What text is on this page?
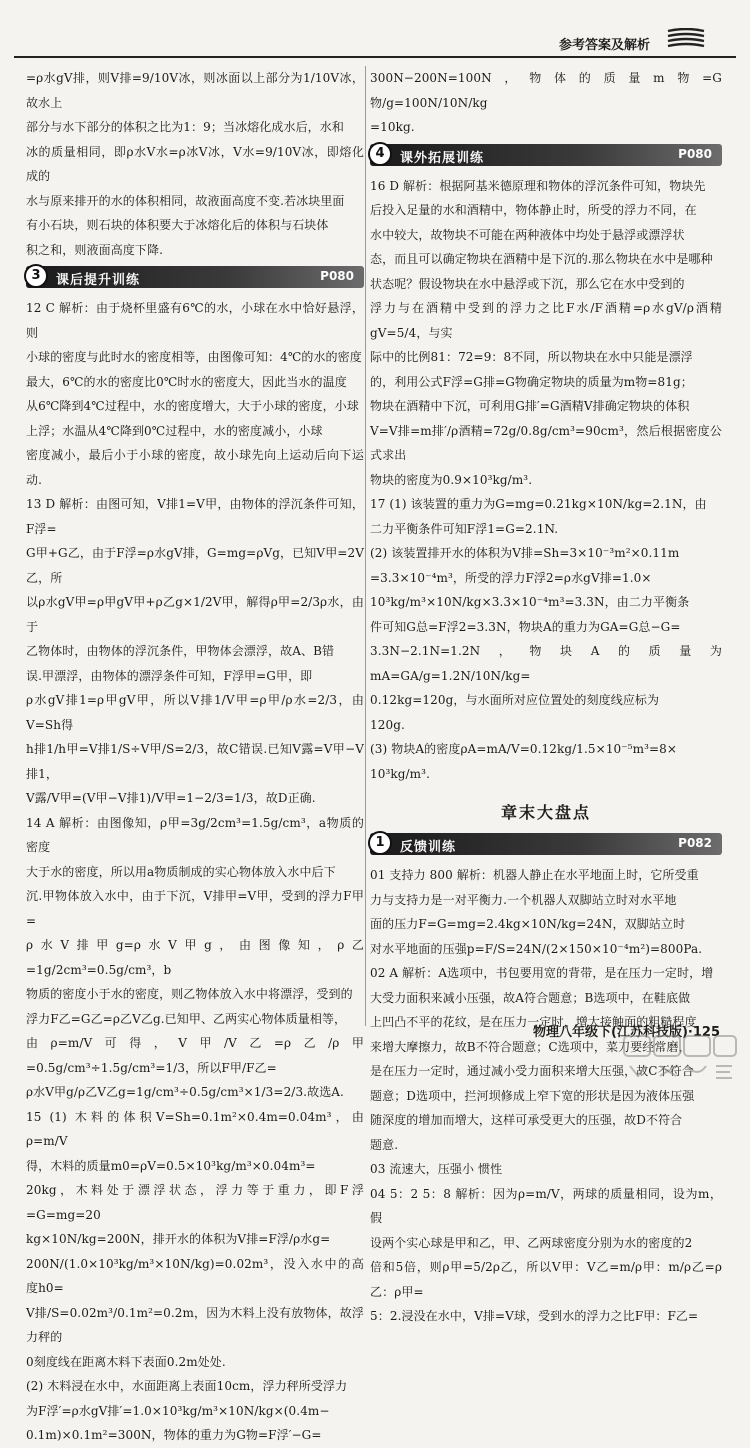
参考答案及解析

=ρ水gV排，则V排=9/10V冰，则冰面以上部分为1/10V冰，故水上

部分与水下部分的体积之比为1：9；当冰熔化成水后，水和

冰的质量相同，即ρ水V水=ρ冰V冰，V水=9/10V冰，即熔化成的

水与原来排开的水的体积相同，故液面高度不变.若冰块里面

有小石块，则石块的体积要大于冰熔化后的体积与石块体

积之和，则液面高度下降.

3	课后提升训练	P080

12 C 解析：由于烧杯里盛有6℃的水，小球在水中恰好悬浮，则

小球的密度与此时水的密度相等，由图像可知：4℃的水的密度

最大，6℃的水的密度比0℃时水的密度大，因此当水的温度

从6℃降到4℃过程中，水的密度增大，大于小球的密度，小球

上浮；水温从4℃降到0℃过程中，水的密度减小，小球

密度减小，最后小于小球的密度，故小球先向上运动后向下运动.

13 D 解析：由图可知，V排1=V甲，由物体的浮沉条件可知，F浮=

G甲+G乙，由于F浮=ρ水gV排，G=mg=ρVg，已知V甲=2V乙，所

以ρ水gV甲=ρ甲gV甲+ρ乙g×1/2V甲，解得ρ甲=2/3ρ水，由于

乙物体时，由物体的浮沉条件，甲物体会漂浮，故A、B错

误.甲漂浮，由物体的漂浮条件可知，F浮甲=G甲，即

ρ水gV排1=ρ甲gV甲，所以V排1/V甲=ρ甲/ρ水=2/3，由V=Sh得

h排1/h甲=V排1/S÷V甲/S=2/3，故C错误.已知V露=V甲−V排1，

V露/V甲=(V甲−V排1)/V甲=1−2/3=1/3，故D正确.

14 A 解析：由图像知，ρ甲=3g/2cm³=1.5g/cm³，a物质的密度

大于水的密度，所以用a物质制成的实心物体放入水中后下

沉.甲物体放入水中，由于下沉，V排甲=V甲，受到的浮力F甲=

ρ水V排甲g=ρ水V甲g，由图像知，ρ乙=1g/2cm³=0.5g/cm³，b

物质的密度小于水的密度，则乙物体放入水中将漂浮，受到的

浮力F乙=G乙=ρ乙V乙g.已知甲、乙两实心物体质量相等，

由ρ=m/V可得，V甲/V乙=ρ乙/ρ甲=0.5g/cm³÷1.5g/cm³=1/3，所以F甲/F乙=

ρ水V甲g/ρ乙V乙g=1g/cm³÷0.5g/cm³×1/3=2/3.故选A.

15 (1) 木料的体积V=Sh=0.1m²×0.4m=0.04m³，由ρ=m/V

得，木料的质量m0=ρV=0.5×10³kg/m³×0.04m³=

20kg，木料处于漂浮状态，浮力等于重力，即F浮=G=mg=20

kg×10N/kg=200N，排开水的体积为V排=F浮/ρ水g=

200N/(1.0×10³kg/m³×10N/kg)=0.02m³，没入水中的高度h0=

V排/S=0.02m³/0.1m²=0.2m，因为木料上没有放物体，故浮力秤的

0刻度线在距离木料下表面0.2m处处.

(2) 木料浸在水中，水面距离上表面10cm，浮力秤所受浮力

为F浮′=ρ水gV排′=1.0×10³kg/m³×10N/kg×(0.4m−

0.1m)×0.1m²=300N，物体的重力为G物=F浮′−G=

300N−200N=100N，物体的质量m物=G物/g=100N/10N/kg

=10kg.

4	课外拓展训练	P080

16 D 解析：根据阿基米德原理和物体的浮沉条件可知，物块先

后投入足量的水和酒精中，物体静止时，所受的浮力不同，在

水中较大，故物块不可能在两种液体中均处于悬浮或漂浮状

态，而且可以确定物块在酒精中是下沉的.那么物块在水中是哪种

状态呢？假设物块在水中悬浮或下沉，那么它在水中受到的

浮力与在酒精中受到的浮力之比F水/F酒精=ρ水gV/ρ酒精gV=5/4，与实

际中的比例81：72=9：8不同，所以物块在水中只能是漂浮

的，利用公式F浮=G排=G物确定物块的质量为m物=81g；

物块在酒精中下沉，可利用G排′=G酒精V排确定物块的体积

V=V排=m排′/ρ酒精=72g/0.8g/cm³=90cm³，然后根据密度公式求出

物块的密度为0.9×10³kg/m³.

17 (1) 该装置的重力为G=mg=0.21kg×10N/kg=2.1N，由

二力平衡条件可知F浮1=G=2.1N.

(2) 该装置排开水的体积为V排=Sh=3×10⁻³m²×0.11m

=3.3×10⁻⁴m³，所受的浮力F浮2=ρ水gV排=1.0×

10³kg/m³×10N/kg×3.3×10⁻⁴m³=3.3N，由二力平衡条

件可知G总=F浮2=3.3N，物块A的重力为GA=G总−G=

3.3N−2.1N=1.2N，物块A的质量为mA=GA/g=1.2N/10N/kg=

0.12kg=120g，与水面所对应位置处的刻度线应标为

120g.

(3) 物块A的密度ρA=mA/V=0.12kg/1.5×10⁻⁵m³=8×

10³kg/m³.

章末大盘点
1	反馈训练	P082

01 支持力 800 解析：机器人静止在水平地面上时，它所受重

力与支持力是一对平衡力.一个机器人双脚站立时对水平地

面的压力F=G=mg=2.4kg×10N/kg=24N，双脚站立时

对水平地面的压强p=F/S=24N/(2×150×10⁻⁴m²)=800Pa.

02 A 解析：A选项中，书包要用宽的背带，是在压力一定时，增

大受力面积来减小压强，故A符合题意；B选项中，在鞋底做

上凹凸不平的花纹，是在压力一定时，增大接触面的粗糙程度

来增大摩擦力，故B不符合题意；C选项中，菜刀要经常磨，

是在压力一定时，通过减小受力面积来增大压强，故C不符合

题意；D选项中，拦河坝修成上窄下宽的形状是因为液体压强

随深度的增加而增大，这样可承受更大的压强，故D不符合

题意.

03 流速大，压强小 惯性

04 5：2 5：8 解析：因为ρ=m/V，两球的质量相同，设为m，假

设两个实心球是甲和乙，甲、乙两球密度分别为水的密度的2

倍和5倍，则ρ甲=5/2ρ乙，所以V甲：V乙=m/ρ甲：m/ρ乙=ρ乙：ρ甲=

5：2.浸没在水中，V排=V球，受到水的浮力之比F甲：F乙=

物理八年级下(江苏科技版)·125
